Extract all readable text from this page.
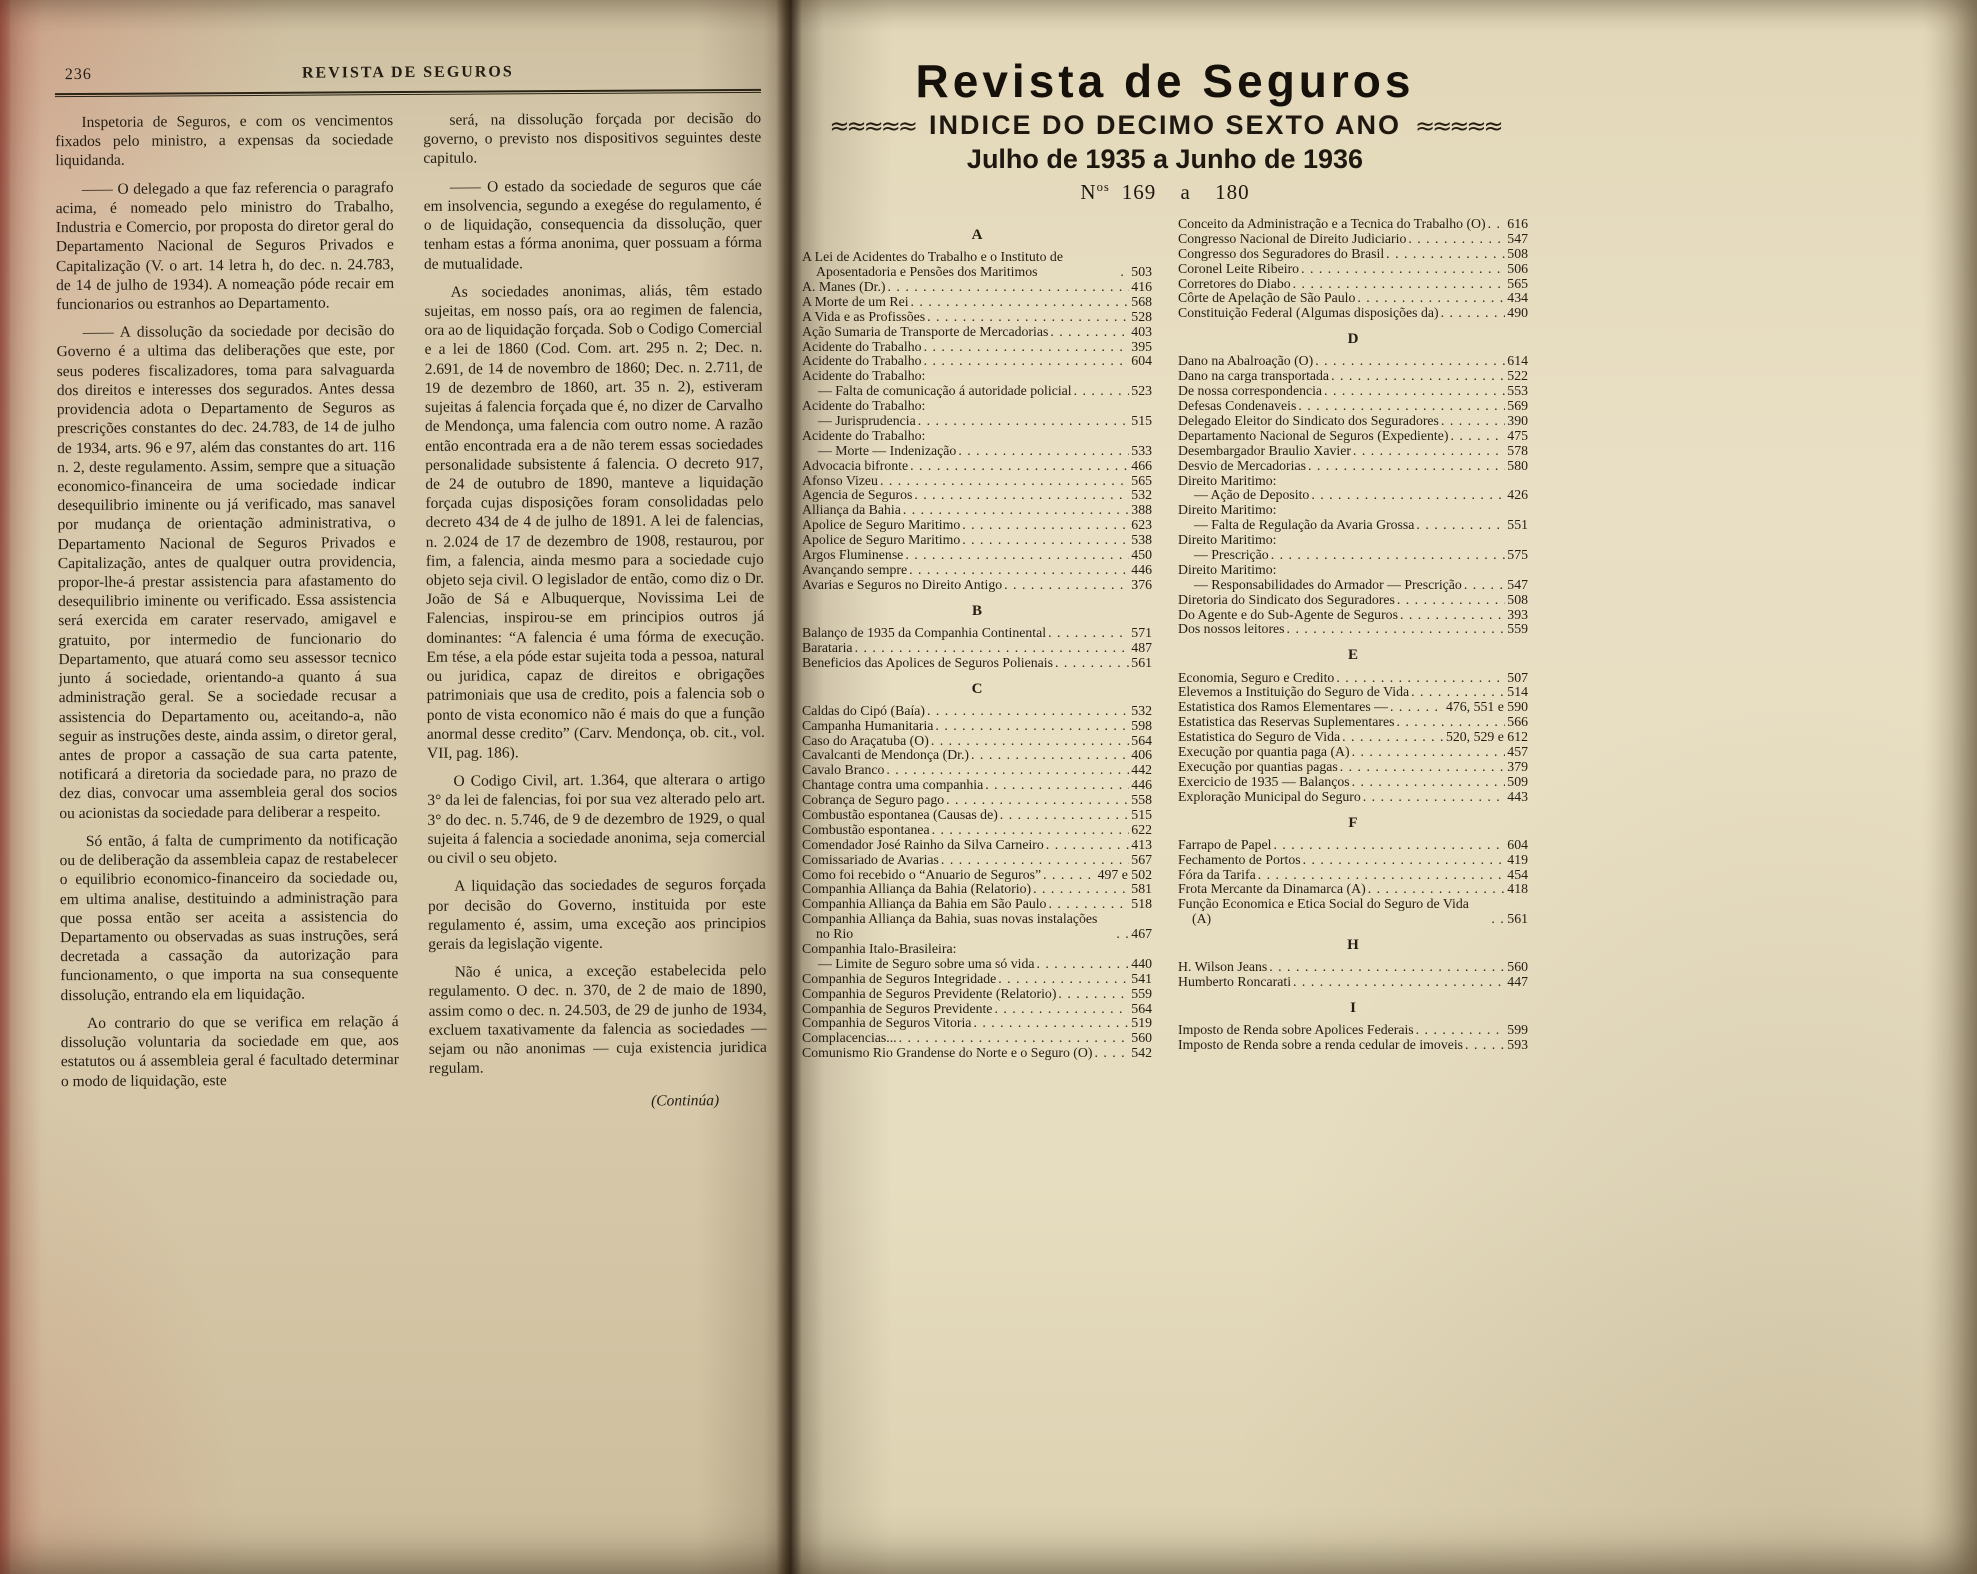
236	REVISTA DE SEGUROS

Inspetoria de Seguros, e com os vencimentos fixados pelo ministro, a expensas da sociedade liquidanda.

—— O delegado a que faz referencia o paragrafo acima, é nomeado pelo ministro do Trabalho, Industria e Comercio, por proposta do diretor geral do Departamento Nacional de Seguros Privados e Capitalização (V. o art. 14 letra h, do dec. n. 24.783, de 14 de julho de 1934). A nomeação póde recair em funcionarios ou estranhos ao Departamento.

—— A dissolução da sociedade por decisão do Governo é a ultima das deliberações que este, por seus poderes fiscalizadores, toma para salvaguarda dos direitos e interesses dos segurados. Antes dessa providencia adota o Departamento de Seguros as prescrições constantes do dec. 24.783, de 14 de julho de 1934, arts. 96 e 97, além das constantes do art. 116 n. 2, deste regulamento. Assim, sempre que a situação economico-financeira de uma sociedade indicar desequilibrio iminente ou já verificado, mas sanavel por mudança de orientação administrativa, o Departamento Nacional de Seguros Privados e Capitalização, antes de qualquer outra providencia, propor-lhe-á prestar assistencia para afastamento do desequilibrio iminente ou verificado. Essa assistencia será exercida em carater reservado, amigavel e gratuito, por intermedio de funcionario do Departamento, que atuará como seu assessor tecnico junto á sociedade, orientando-a quanto á sua administração geral. Se a sociedade recusar a assistencia do Departamento ou, aceitando-a, não seguir as instruções deste, ainda assim, o diretor geral, antes de propor a cassação de sua carta patente, notificará a diretoria da sociedade para, no prazo de dez dias, convocar uma assembleia geral dos socios ou acionistas da sociedade para deliberar a respeito.

Só então, á falta de cumprimento da notificação ou de deliberação da assembleia capaz de restabelecer o equilibrio economico-financeiro da sociedade ou, em ultima analise, destituindo a administração para que possa então ser aceita a assistencia do Departamento ou observadas as suas instruções, será decretada a cassação da autorização para funcionamento, o que importa na sua consequente dissolução, entrando ela em liquidação.

Ao contrario do que se verifica em relação á dissolução voluntaria da sociedade em que, aos estatutos ou á assembleia geral é facultado determinar o modo de liquidação, este

será, na dissolução forçada por decisão do governo, o previsto nos dispositivos seguintes deste capitulo.

—— O estado da sociedade de seguros que cáe em insolvencia, segundo a exegése do regulamento, é o de liquidação, consequencia da dissolução, quer tenham estas a fórma anonima, quer possuam a fórma de mutualidade.

As sociedades anonimas, aliás, têm estado sujeitas, em nosso país, ora ao regimen de falencia, ora ao de liquidação forçada. Sob o Codigo Comercial e a lei de 1860 (Cod. Com. art. 295 n. 2; Dec. n. 2.691, de 14 de novembro de 1860; Dec. n. 2.711, de 19 de dezembro de 1860, art. 35 n. 2), estiveram sujeitas á falencia forçada que é, no dizer de Carvalho de Mendonça, uma falencia com outro nome. A razão então encontrada era a de não terem essas sociedades personalidade subsistente á falencia. O decreto 917, de 24 de outubro de 1890, manteve a liquidação forçada cujas disposições foram consolidadas pelo decreto 434 de 4 de julho de 1891. A lei de falencias, n. 2.024 de 17 de dezembro de 1908, restaurou, por fim, a falencia, ainda mesmo para a sociedade cujo objeto seja civil. O legislador de então, como diz o Dr. João de Sá e Albuquerque, Novissima Lei de Falencias, inspirou-se em principios outros já dominantes: “A falencia é uma fórma de execução. Em tése, a ela póde estar sujeita toda a pessoa, natural ou juridica, capaz de direitos e obrigações patrimoniais que usa de credito, pois a falencia sob o ponto de vista economico não é mais do que a função anormal desse credito” (Carv. Mendonça, ob. cit., vol. VII, pag. 186).

O Codigo Civil, art. 1.364, que alterara o artigo 3° da lei de falencias, foi por sua vez alterado pelo art. 3° do dec. n. 5.746, de 9 de dezembro de 1929, o qual sujeita á falencia a sociedade anonima, seja comercial ou civil o seu objeto.

A liquidação das sociedades de seguros forçada por decisão do Governo, instituida por este regulamento é, assim, uma exceção aos principios gerais da legislação vigente.

Não é unica, a exceção estabelecida pelo regulamento. O dec. n. 370, de 2 de maio de 1890, assim como o dec. n. 24.503, de 29 de junho de 1934, excluem taxativamente da falencia as sociedades — sejam ou não anonimas — cuja existencia juridica regulam.

(Continúa)
Revista de Seguros
≈≈≈≈≈ INDICE DO DECIMO SEXTO ANO ≈≈≈≈≈
Julho de 1935 a Junho de 1936
$N^{os}$ 169 a 180
A
A Lei de Acidentes do Trabalho e o Instituto de Aposentadoria e Pensões dos Maritimos . . .	503
A. Manes (Dr.) . . .	416
A Morte de um Rei . . .	568
A Vida e as Profissões . . .	528
Ação Sumaria de Transporte de Mercadorias . . .	403
Acidente do Trabalho . . .	395
Acidente do Trabalho . . .	604
Acidente do Trabalho:
— Falta de comunicação á autoridade policial . . .	523
Acidente do Trabalho:
— Jurisprudencia . . .	515
Acidente do Trabalho:
— Morte — Indenização . . .	533
Advocacia bifronte . . .	466
Afonso Vizeu . . .	565
Agencia de Seguros . . .	532
Alliança da Bahia . . .	388
Apolice de Seguro Maritimo . . .	623
Apolice de Seguro Maritimo . . .	538
Argos Fluminense . . .	450
Avançando sempre . . .	446
Avarias e Seguros no Direito Antigo . . .	376
B
Balanço de 1935 da Companhia Continental . . .	571
Barataria . . .	487
Beneficios das Apolices de Seguros Polienais . . .	561
C
Caldas do Cipó (Baía) . . .	532
Campanha Humanitaria . . .	598
Caso do Araçatuba (O) . . .	564
Cavalcanti de Mendonça (Dr.) . . .	406
Cavalo Branco . . .	442
Chantage contra uma companhia . . .	446
Cobrança de Seguro pago . . .	558
Combustão espontanea (Causas de) . . .	515
Combustão espontanea . . .	622
Comendador José Rainho da Silva Carneiro . . .	413
Comissariado de Avarias . . .	567
Como foi recebido o “Anuario de Seguros” . . .	497 e 502
Companhia Alliança da Bahia (Relatorio) . . .	581
Companhia Alliança da Bahia em São Paulo . . .	518
Companhia Alliança da Bahia, suas novas instalações no Rio . . .	467
Companhia Italo-Brasileira:
— Limite de Seguro sobre uma só vida . . .	440
Companhia de Seguros Integridade . . .	541
Companhia de Seguros Previdente (Relatorio) . . .	559
Companhia de Seguros Previdente . . .	564
Companhia de Seguros Vitoria . . .	519
Complacencias... . . .	560
Comunismo Rio Grandense do Norte e o Seguro (O) . . .	542
Conceito da Administração e a Tecnica do Trabalho (O) . . . 616
Congresso Nacional de Direito Judiciario . . .	547
Congresso dos Seguradores do Brasil . . .	508
Coronel Leite Ribeiro . . .	506
Corretores do Diabo . . .	565
Côrte de Apelação de São Paulo . . .	434
Constituição Federal (Algumas disposições da) . . .	490
D
Dano na Abalroação (O) . . .	614
Dano na carga transportada . . .	522
De nossa correspondencia . . .	553
Defesas Condenaveis . . .	569
Delegado Eleitor do Sindicato dos Seguradores . . .	390
Departamento Nacional de Seguros (Expediente) . . .	475
Desembargador Braulio Xavier . . .	578
Desvio de Mercadorias . . .	580
Direito Maritimo:
— Ação de Deposito . . .	426
Direito Maritimo:
— Falta de Regulação da Avaria Grossa . . .	551
Direito Maritimo:
— Prescrição . . .	575
Direito Maritimo:
— Responsabilidades do Armador — Prescrição . . .	547
Diretoria do Sindicato dos Seguradores . . .	508
Do Agente e do Sub-Agente de Seguros . . .	393
Dos nossos leitores . . .	559
E
Economia, Seguro e Credito . . .	507
Elevemos a Instituição do Seguro de Vida . . .	514
Estatistica dos Ramos Elementares — . . .	476, 551 e 590
Estatistica das Reservas Suplementares . . .	566
Estatistica do Seguro de Vida . . .	520, 529 e 612
Execução por quantia paga (A) . . .	457
Execução por quantias pagas . . .	379
Exercicio de 1935 — Balanços . . .	509
Exploração Municipal do Seguro . . .	443
F
Farrapo de Papel . . .	604
Fechamento de Portos . . .	419
Fóra da Tarifa . . .	454
Frota Mercante da Dinamarca (A) . . .	418
Função Economica e Etica Social do Seguro de Vida (A) . . .	561
H
H. Wilson Jeans . . .	560
Humberto Roncarati . . .	447
I
Imposto de Renda sobre Apolices Federais . . .	599
Imposto de Renda sobre a renda cedular de imoveis . . .	593
